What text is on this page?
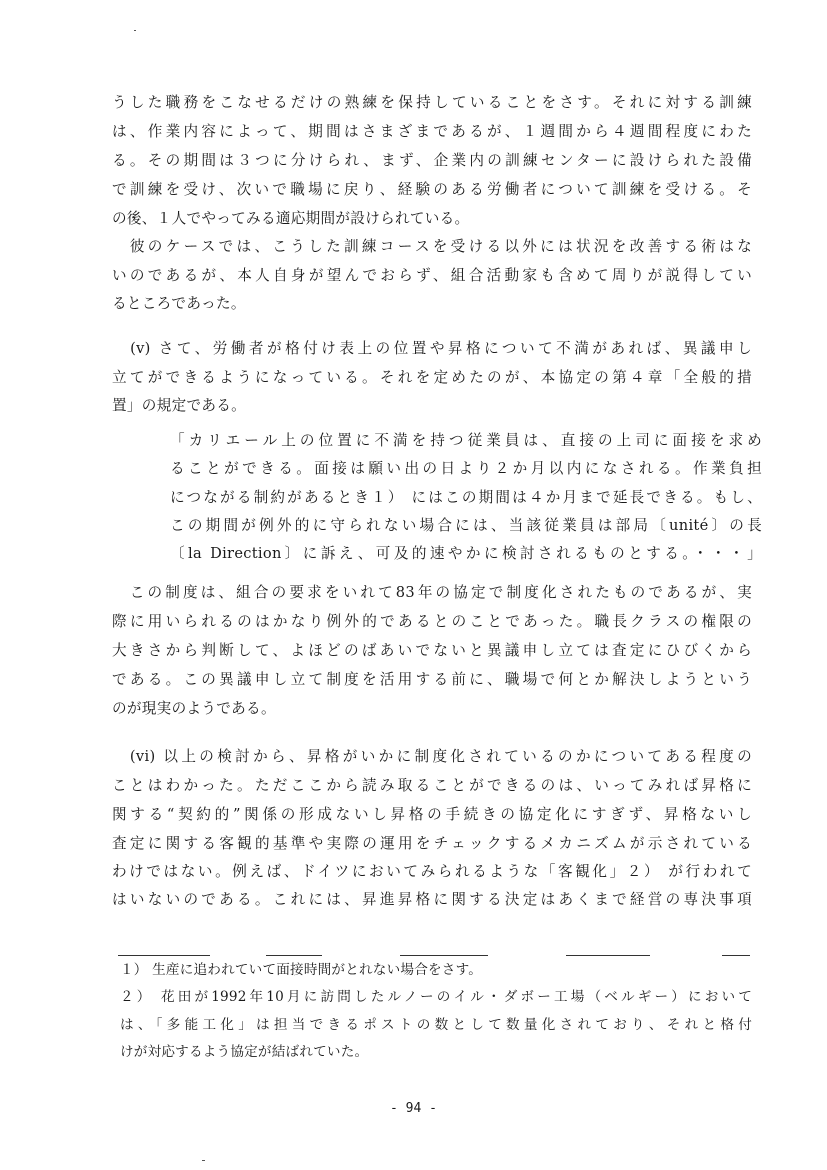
うした職務をこなせるだけの熟練を保持していることをさす。それに対する訓練
は、作業内容によって、期間はさまざまであるが、１週間から４週間程度にわた
る。その期間は３つに分けられ、まず、企業内の訓練センターに設けられた設備
で訓練を受け、次いで職場に戻り、経験のある労働者について訓練を受ける。そ
の後、１人でやってみる適応期間が設けられている。
　彼のケースでは、こうした訓練コースを受ける以外には状況を改善する術はな
いのであるが、本人自身が望んでおらず、組合活動家も含めて周りが説得してい
るところであった。
　(v) さて、労働者が格付け表上の位置や昇格について不満があれば、異議申し
立てができるようになっている。それを定めたのが、本協定の第４章「全般的措
置」の規定である。
「カリエール上の位置に不満を持つ従業員は、直接の上司に面接を求め
ることができる。面接は願い出の日より２か月以内になされる。作業負担
につながる制約があるとき１） にはこの期間は４か月まで延長できる。もし、
この期間が例外的に守られない場合には、当該従業員は部局〔unité〕の長
〔la Direction〕に訴え、可及的速やかに検討されるものとする。・・・」
　この制度は、組合の要求をいれて83年の協定で制度化されたものであるが、実
際に用いられるのはかなり例外的であるとのことであった。職長クラスの権限の
大きさから判断して、よほどのばあいでないと異議申し立ては査定にひびくから
である。この異議申し立て制度を活用する前に、職場で何とか解決しようという
のが現実のようである。
　(vi) 以上の検討から、昇格がいかに制度化されているのかについてある程度の
ことはわかった。ただここから読み取ることができるのは、いってみれば昇格に
関する“契約的”関係の形成ないし昇格の手続きの協定化にすぎず、昇格ないし
査定に関する客観的基準や実際の運用をチェックするメカニズムが示されている
わけではない。例えば、ドイツにおいてみられるような「客観化」２） が行われて
はいないのである。これには、昇進昇格に関する決定はあくまで経営の専決事項
１） 生産に追われていて面接時間がとれない場合をさす。
２） 花田が1992年10月に訪問したルノーのイル・ダボー工場（ベルギー）において
は、「多能工化」は担当できるポストの数として数量化されており、それと格付
けが対応するよう協定が結ばれていた。
- 94 -
